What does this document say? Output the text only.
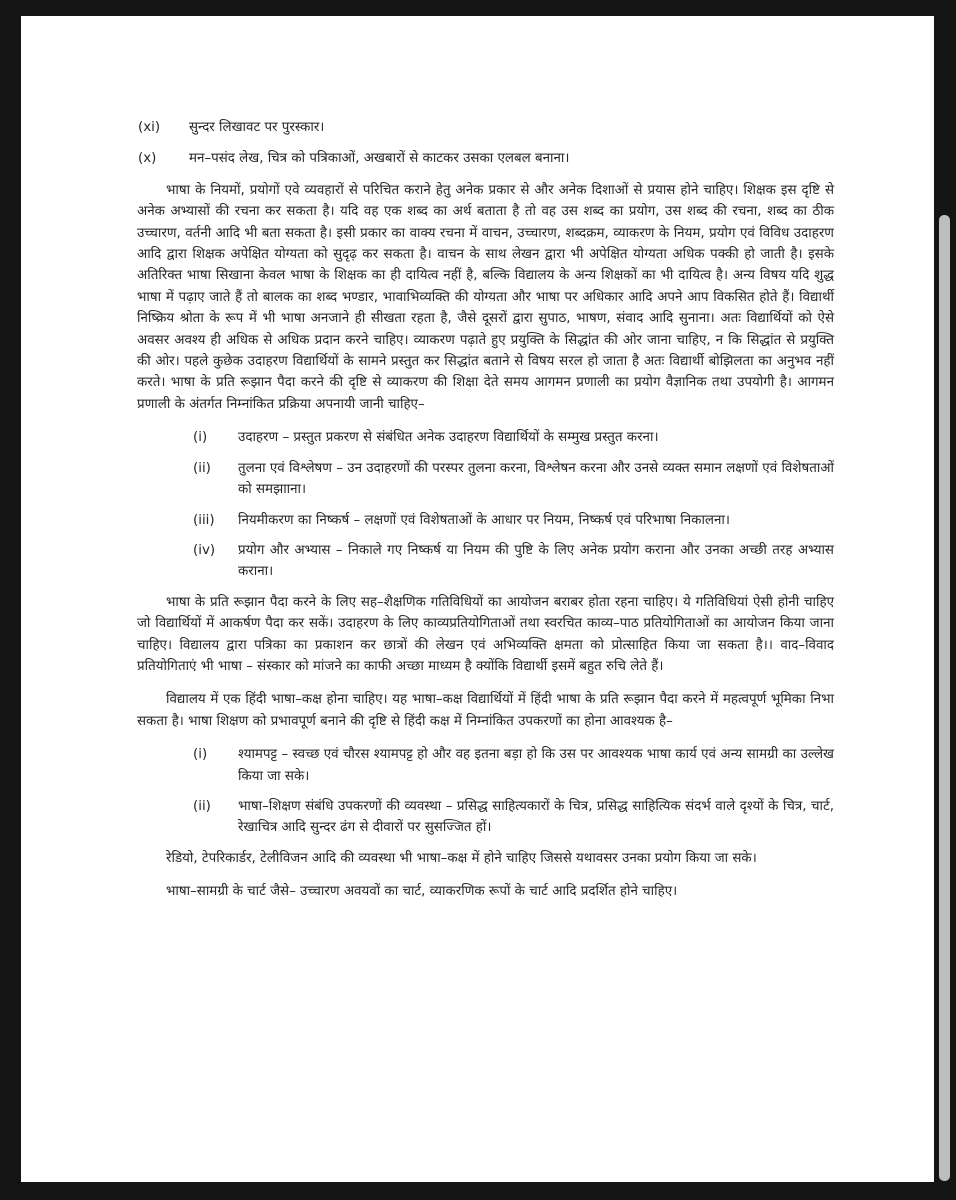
(xi)	सुन्दर लिखावट पर पुरस्कार।
(x)	मन–पसंद लेख, चित्र को पत्रिकाओं, अखबारों से काटकर उसका एलबल बनाना।

भाषा के नियमों, प्रयोगों एवे व्यवहारों से परिचित कराने हेतु अनेक प्रकार से और अनेक दिशाओं से प्रयास होने चाहिए। शिक्षक इस दृष्टि से अनेक अभ्यासों की रचना कर सकता है। यदि वह एक शब्द का अर्थ बताता है तो वह उस शब्द का प्रयोग, उस शब्द की रचना, शब्द का ठीक उच्चारण, वर्तनी आदि भी बता सकता है। इसी प्रकार का वाक्य रचना में वाचन, उच्चारण, शब्दक्रम, व्याकरण के नियम, प्रयोग एवं विविध उदाहरण आदि द्वारा शिक्षक अपेक्षित योग्यता को सुदृढ़ कर सकता है। वाचन के साथ लेखन द्वारा भी अपेक्षित योग्यता अधिक पक्की हो जाती है। इसके अतिरिक्त भाषा सिखाना केवल भाषा के शिक्षक का ही दायित्व नहीं है, बल्कि विद्यालय के अन्य शिक्षकों का भी दायित्व है। अन्य विषय यदि शुद्ध भाषा में पढ़ाए जाते हैं तो बालक का शब्द भण्डार, भावाभिव्यक्ति की योग्यता और भाषा पर अधिकार आदि अपने आप विकसित होते हैं। विद्यार्थी निष्क्रिय श्रोता के रूप में भी भाषा अनजाने ही सीखता रहता है, जैसे दूसरों द्वारा सुपाठ, भाषण, संवाद आदि सुनाना। अतः विद्यार्थियों को ऐसे अवसर अवश्य ही अधिक से अधिक प्रदान करने चाहिए। व्याकरण पढ़ाते हुए प्रयुक्ति के सिद्धांत की ओर जाना चाहिए, न कि सिद्धांत से प्रयुक्ति की ओर। पहले कुछेक उदाहरण विद्यार्थियों के सामने प्रस्तुत कर सिद्धांत बताने से विषय सरल हो जाता है अतः विद्यार्थी बोझिलता का अनुभव नहीं करते। भाषा के प्रति रूझान पैदा करने की दृष्टि से व्याकरण की शिक्षा देते समय आगमन प्रणाली का प्रयोग वैज्ञानिक तथा उपयोगी है। आगमन प्रणाली के अंतर्गत निम्नांकित प्रक्रिया अपनायी जानी चाहिए–

(i)	उदाहरण – प्रस्तुत प्रकरण से संबंधित अनेक उदाहरण विद्यार्थियों के सम्मुख प्रस्तुत करना।
(ii)	तुलना एवं विश्लेषण – उन उदाहरणों की परस्पर तुलना करना, विश्लेषन करना और उनसे व्यक्त समान लक्षणों एवं विशेषताओं को समझााना।
(iii)	नियमीकरण का निष्कर्ष – लक्षणों एवं विशेषताओं के आधार पर नियम, निष्कर्ष एवं परिभाषा निकालना।
(iv)	प्रयोग और अभ्यास – निकाले गए निष्कर्ष या नियम की पुष्टि के लिए अनेक प्रयोग कराना और उनका अच्छी तरह अभ्यास कराना।

भाषा के प्रति रूझान पैदा करने के लिए सह–शैक्षणिक गतिविधियों का आयोजन बराबर होता रहना चाहिए। ये गतिविधियां ऐसी होनी चाहिए जो विद्यार्थियों में आकर्षण पैदा कर सकें। उदाहरण के लिए काव्यप्रतियोगिताओं तथा स्वरचित काव्य–पाठ प्रतियोगिताओं का आयोजन किया जाना चाहिए। विद्यालय द्वारा पत्रिका का प्रकाशन कर छात्रों की लेखन एवं अभिव्यक्ति क्षमता को प्रोत्साहित किया जा सकता है।। वाद–विवाद प्रतियोगिताएं भी भाषा – संस्कार को मांजने का काफी अच्छा माध्यम है क्योंकि विद्यार्थी इसमें बहुत रुचि लेते हैं।

विद्यालय में एक हिंदी भाषा–कक्ष होना चाहिए। यह भाषा–कक्ष विद्यार्थियों में हिंदी भाषा के प्रति रूझान पैदा करने में महत्वपूर्ण भूमिका निभा सकता है। भाषा शिक्षण को प्रभावपूर्ण बनाने की दृष्टि से हिंदी कक्ष में निम्नांकित उपकरणों का होना आवश्यक है–

(i)	श्यामपट्ट – स्वच्छ एवं चौरस श्यामपट्ट हो और वह इतना बड़ा हो कि उस पर आवश्यक भाषा कार्य एवं अन्य सामग्री का उल्लेख किया जा सके।
(ii)	भाषा–शिक्षण संबंधि उपकरणों की व्यवस्था – प्रसिद्ध साहित्यकारों के चित्र, प्रसिद्ध साहित्यिक संदर्भ वाले दृश्यों के चित्र, चार्ट, रेखाचित्र आदि सुन्दर ढंग से दीवारों पर सुसज्जित हों।

रेडियो, टेपरिकार्डर, टेलीविजन आदि की व्यवस्था भी भाषा–कक्ष में होने चाहिए जिससे यथावसर उनका प्रयोग किया जा सके।

भाषा–सामग्री के चार्ट जैसे– उच्चारण अवयवों का चार्ट, व्याकरणिक रूपों के चार्ट आदि प्रदर्शित होने चाहिए।
